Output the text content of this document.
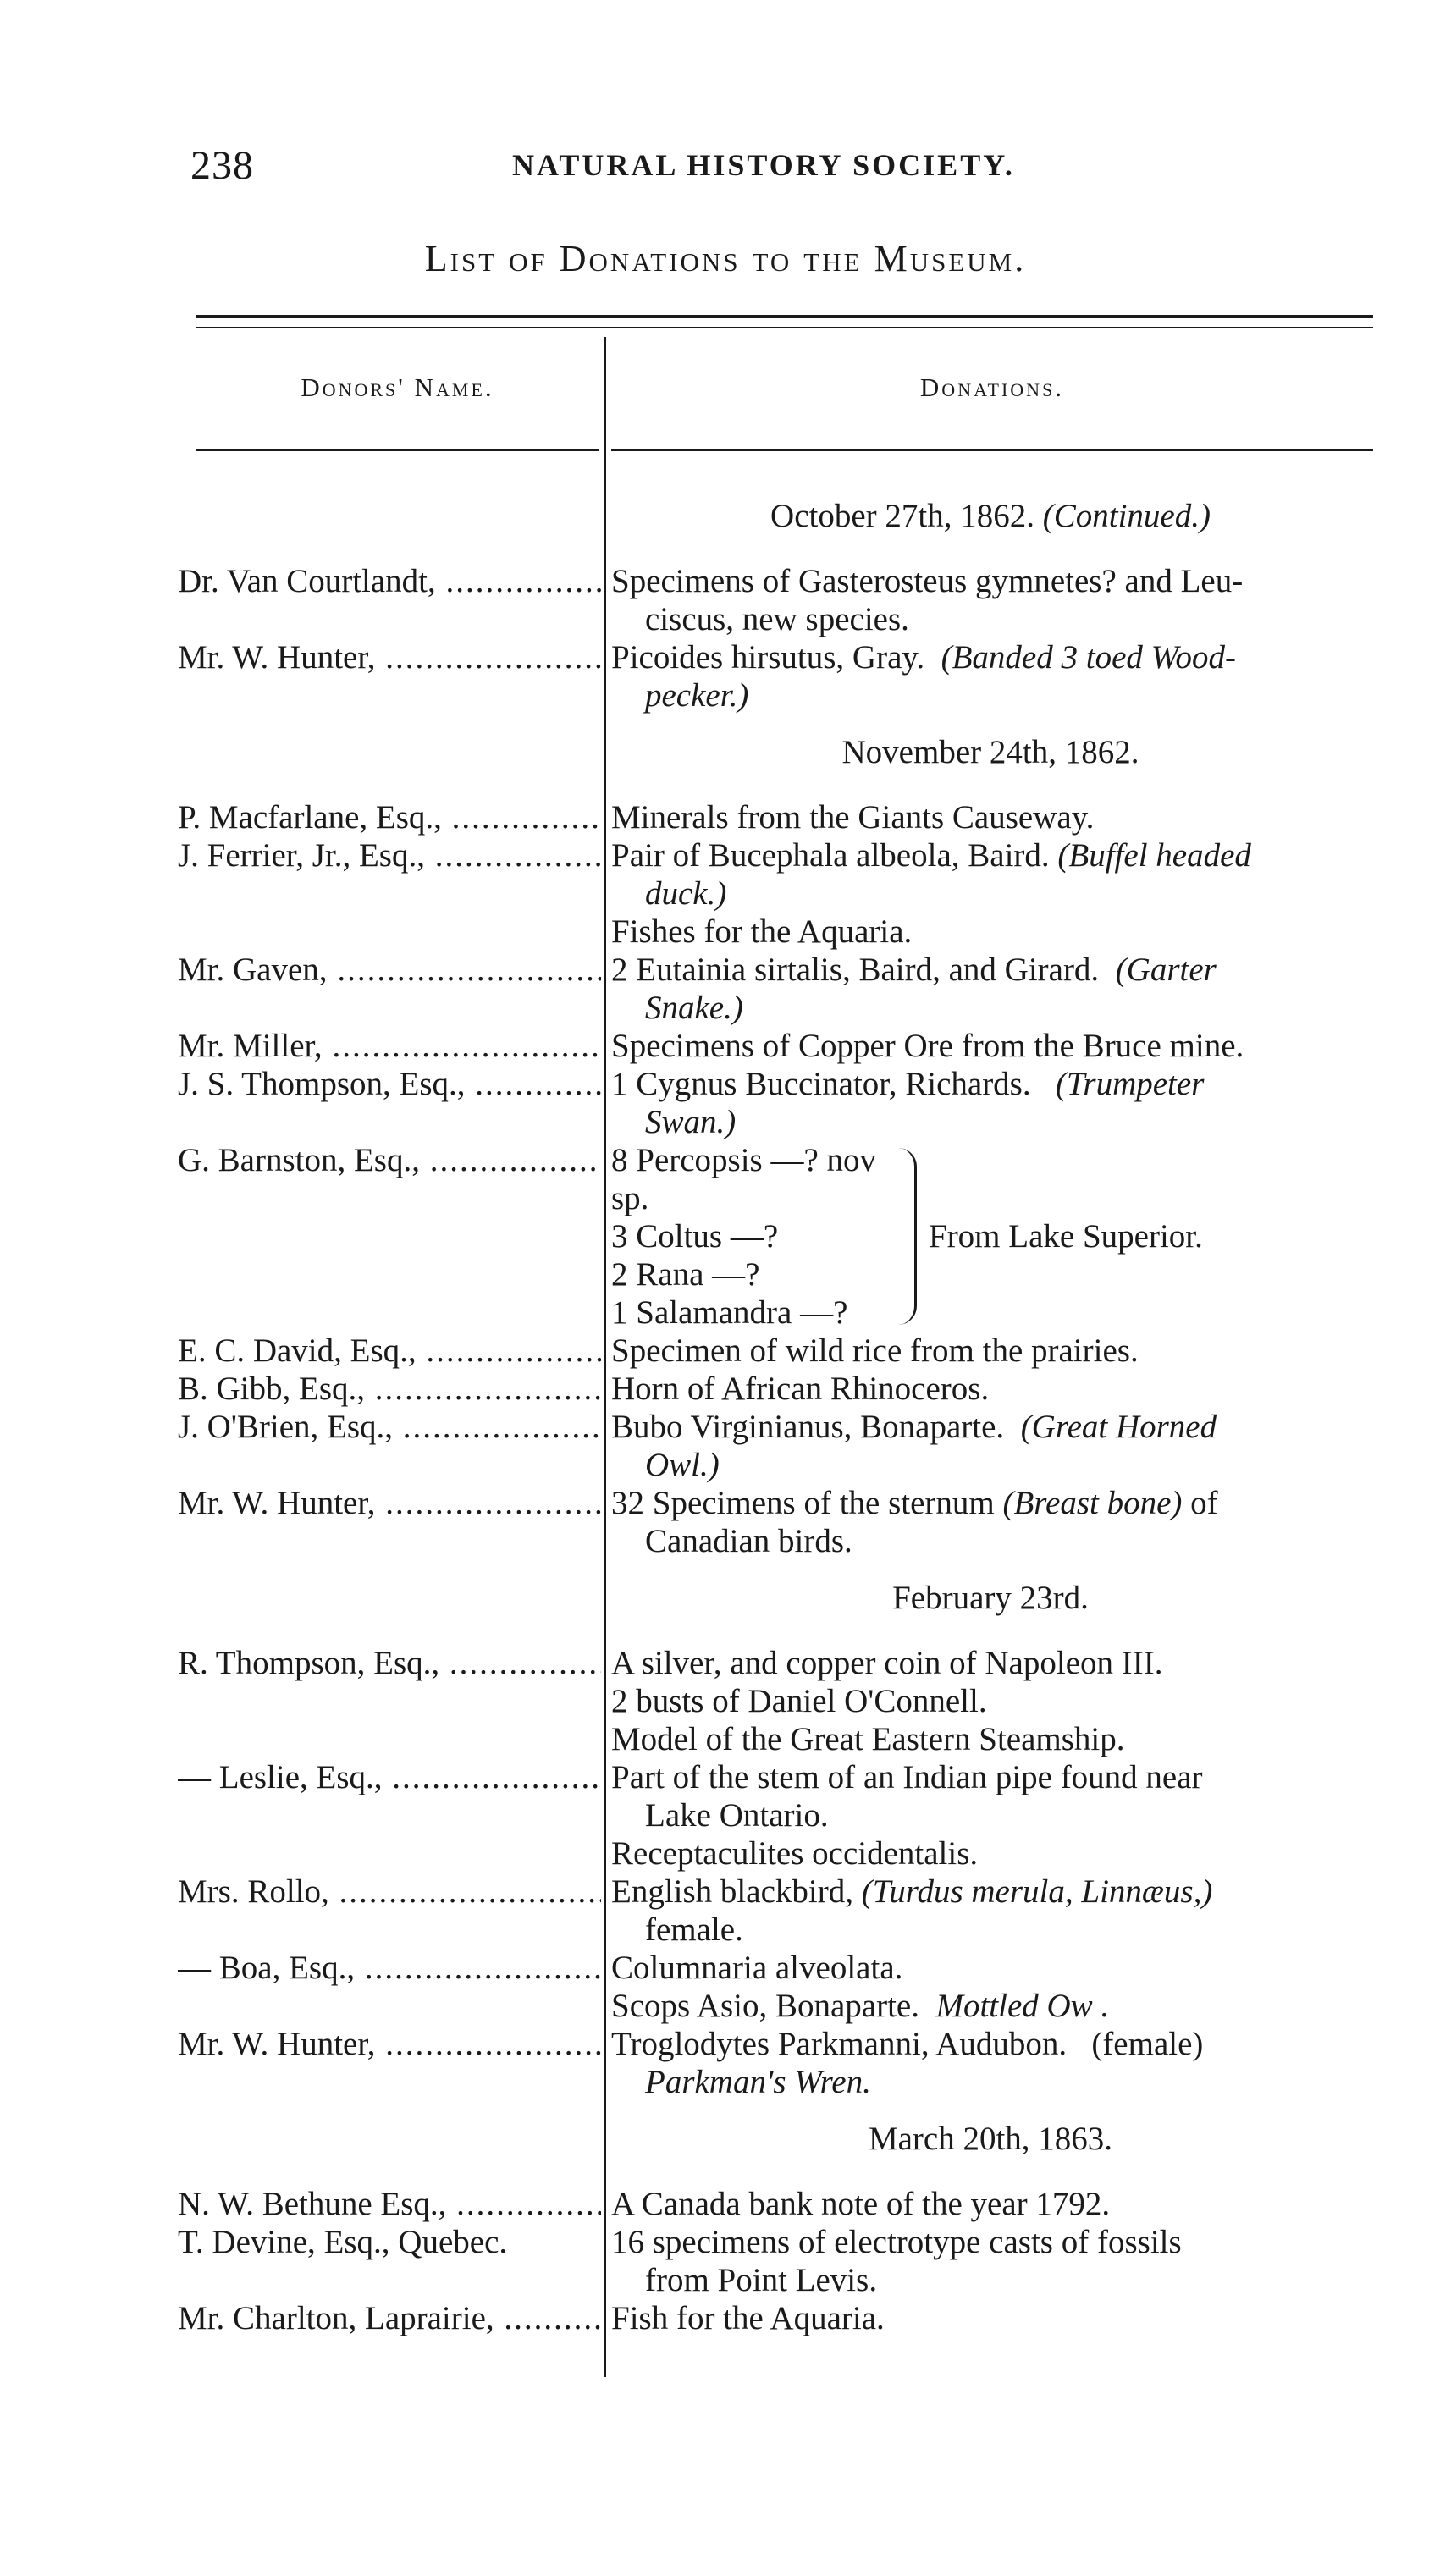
238	NATURAL HISTORY SOCIETY.
List of Donations to the Museum.
Donors' Name.	Donations.
October 27th, 1862. (Continued.)
Dr. Van Courtlandt, .....	Specimens of Gasterosteus gymnetes? and Leu-
ciscus, new species.
Mr. W. Hunter, .....	Picoides hirsutus, Gray. (Banded 3 toed Wood-
pecker.)
November 24th, 1862.
P. Macfarlane, Esq., .....	Minerals from the Giants Causeway.
J. Ferrier, Jr., Esq., .....	Pair of Bucephala albeola, Baird. (Buffel headed
duck.)
Fishes for the Aquaria.
Mr. Gaven, .....	2 Eutainia sirtalis, Baird, and Girard. (Garter
Snake.)
Mr. Miller, .....	Specimens of Copper Ore from the Bruce mine.
J. S. Thompson, Esq., .....	1 Cygnus Buccinator, Richards. (Trumpeter
Swan.)
G. Barnston, Esq., .....	8 Percopsis —? nov sp.
3 Coltus —?
2 Rana —?
1 Salamandra —?
From Lake Superior.
E. C. David, Esq., .....	Specimen of wild rice from the prairies.
B. Gibb, Esq., .....	Horn of African Rhinoceros.
J. O'Brien, Esq., .....	Bubo Virginianus, Bonaparte. (Great Horned
Owl.)
Mr. W. Hunter, .....	32 Specimens of the sternum (Breast bone) of
Canadian birds.
February 23rd.
R. Thompson, Esq., .....	A silver, and copper coin of Napoleon III.
2 busts of Daniel O'Connell.
Model of the Great Eastern Steamship.
— Leslie, Esq., .....	Part of the stem of an Indian pipe found near
Lake Ontario.
Receptaculites occidentalis.
Mrs. Rollo, .....	English blackbird, (Turdus merula, Linnæus,)
female.
— Boa, Esq., .....	Columnaria alveolata.
Scops Asio, Bonaparte. Mottled Ow .
Mr. W. Hunter, .....	Troglodytes Parkmanni, Audubon. (female)
Parkman's Wren.
March 20th, 1863.
N. W. Bethune Esq., .....	A Canada bank note of the year 1792.
T. Devine, Esq., Quebec.	16 specimens of electrotype casts of fossils
from Point Levis.
Mr. Charlton, Laprairie, .....	Fish for the Aquaria.
